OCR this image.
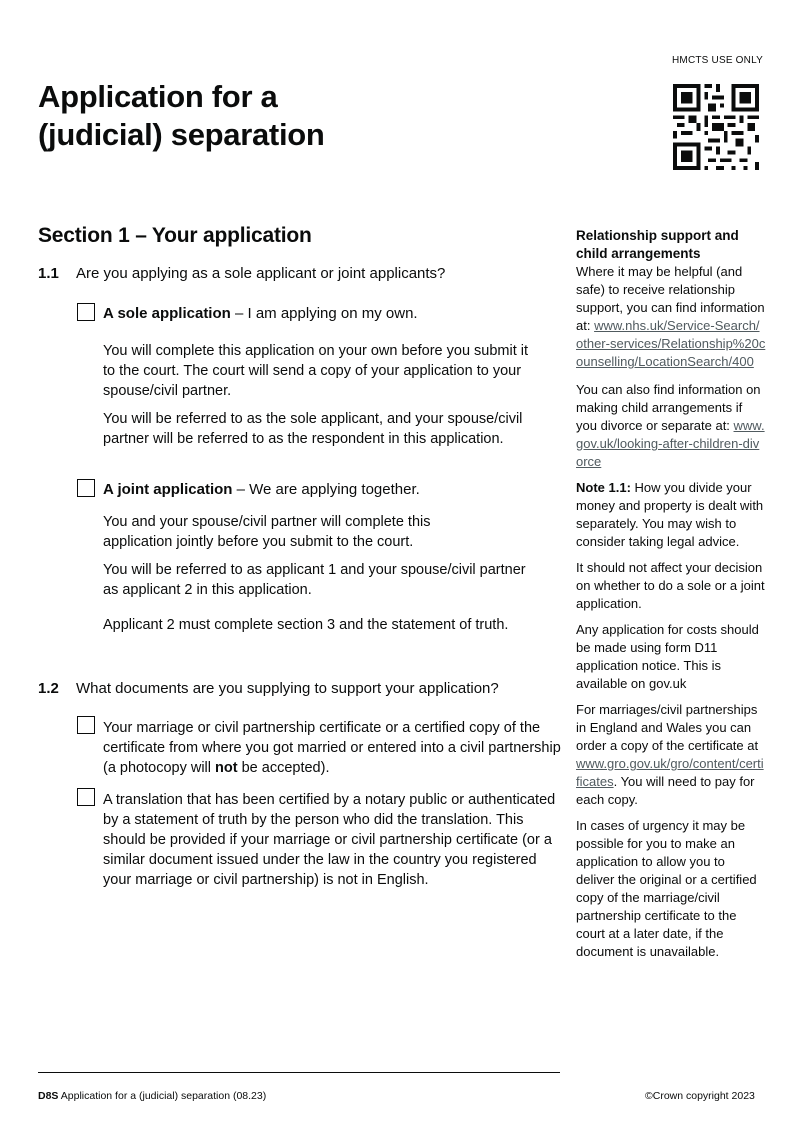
HMCTS USE ONLY
Application for a
(judicial) separation
Section 1 – Your application
1.1 Are you applying as a sole applicant or joint applicants?
A sole application – I am applying on my own.

You will complete this application on your own before you submit it to the court. The court will send a copy of your application to your spouse/civil partner.

You will be referred to as the sole applicant, and your spouse/civil partner will be referred to as the respondent in this application.

A joint application – We are applying together.

You and your spouse/civil partner will complete this application jointly before you submit to the court.

You will be referred to as applicant 1 and your spouse/civil partner as applicant 2 in this application.

Applicant 2 must complete section 3 and the statement of truth.

1.2 What documents are you supplying to support your application?

Your marriage or civil partnership certificate or a certified copy of the certificate from where you got married or entered into a civil partnership (a photocopy will not be accepted).

A translation that has been certified by a notary public or authenticated by a statement of truth by the person who did the translation. This should be provided if your marriage or civil partnership certificate (or a similar document issued under the law in the country you registered your marriage or civil partnership) is not in English.

Relationship support and child arrangements
Where it may be helpful (and safe) to receive relationship support, you can find information at: www.nhs.uk/Service-Search/other-services/Relationship%20counselling/LocationSearch/400

You can also find information on making child arrangements if you divorce or separate at: www.gov.uk/looking-after-children-divorce

Note 1.1: How you divide your money and property is dealt with separately. You may wish to consider taking legal advice.

It should not affect your decision on whether to do a sole or a joint application.

Any application for costs should be made using form D11 application notice. This is available on gov.uk

For marriages/civil partnerships in England and Wales you can order a copy of the certificate at www.gro.gov.uk/gro/content/certificates. You will need to pay for each copy.

In cases of urgency it may be possible for you to make an application to allow you to deliver the original or a certified copy of the marriage/civil partnership certificate to the court at a later date, if the document is unavailable.

D8S Application for a (judicial) separation (08.23)	©Crown copyright 2023
